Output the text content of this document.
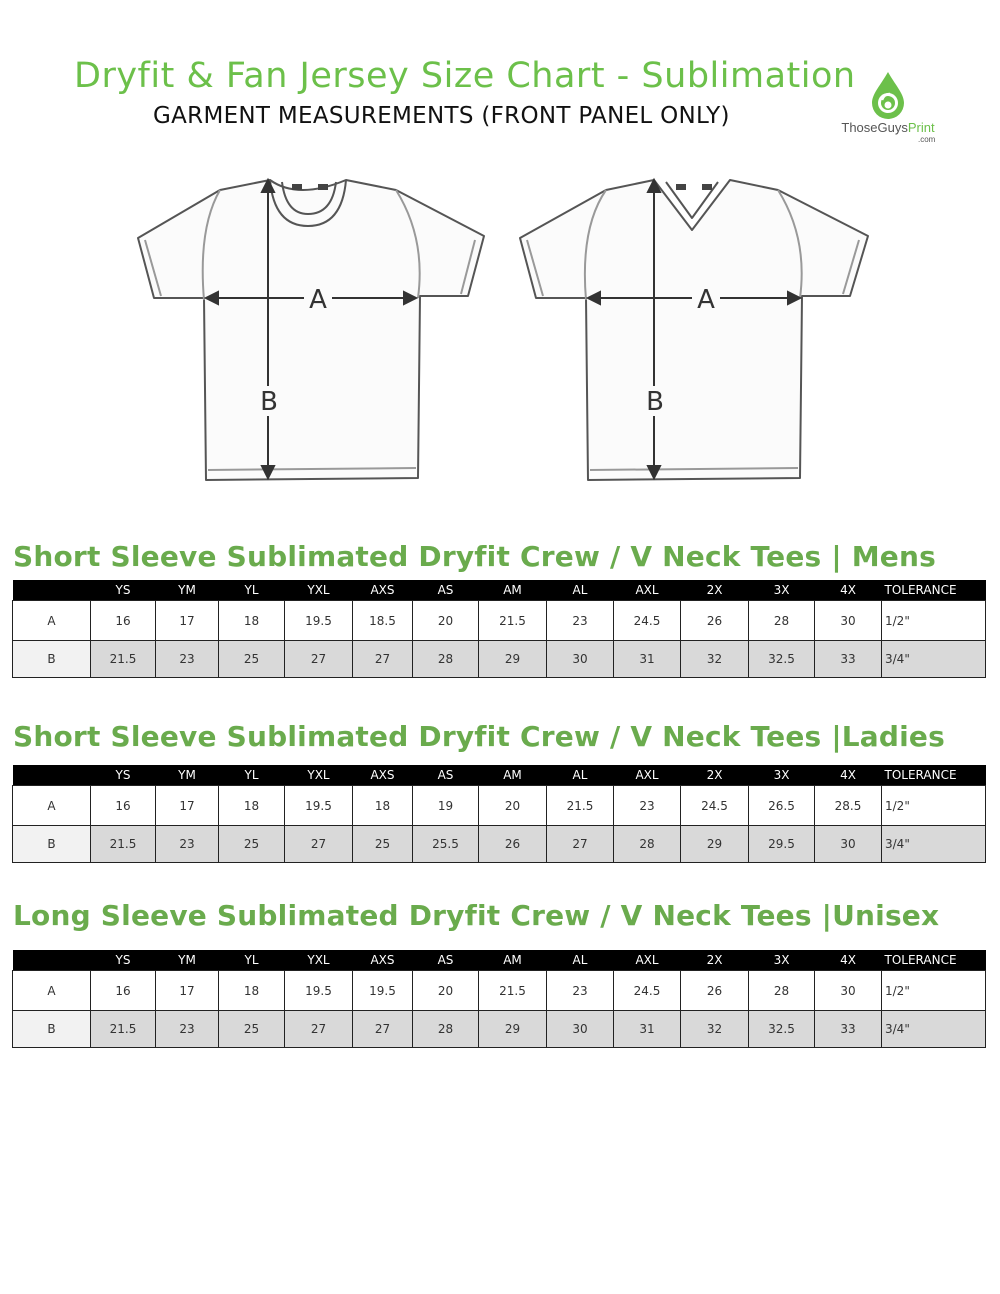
Dryfit & Fan Jersey Size Chart - Sublimation
GARMENT MEASUREMENTS (FRONT PANEL ONLY)	ThoseGuysPrint
.com
A
B
A
B
Short Sleeve Sublimated Dryfit Crew / V Neck Tees | Mens
	YS	YM	YL	YXL	AXS	AS	AM	AL	AXL	2X	3X	4X	TOLERANCE
A	16	17	18	19.5	18.5	20	21.5	23	24.5	26	28	30	1/2"
B	21.5	23	25	27	27	28	29	30	31	32	32.5	33	3/4"
Short Sleeve Sublimated Dryfit Crew / V Neck Tees |Ladies
	YS	YM	YL	YXL	AXS	AS	AM	AL	AXL	2X	3X	4X	TOLERANCE
A	16	17	18	19.5	18	19	20	21.5	23	24.5	26.5	28.5	1/2"
B	21.5	23	25	27	25	25.5	26	27	28	29	29.5	30	3/4"
Long Sleeve Sublimated Dryfit Crew / V Neck Tees |Unisex
	YS	YM	YL	YXL	AXS	AS	AM	AL	AXL	2X	3X	4X	TOLERANCE
A	16	17	18	19.5	19.5	20	21.5	23	24.5	26	28	30	1/2"
B	21.5	23	25	27	27	28	29	30	31	32	32.5	33	3/4"
